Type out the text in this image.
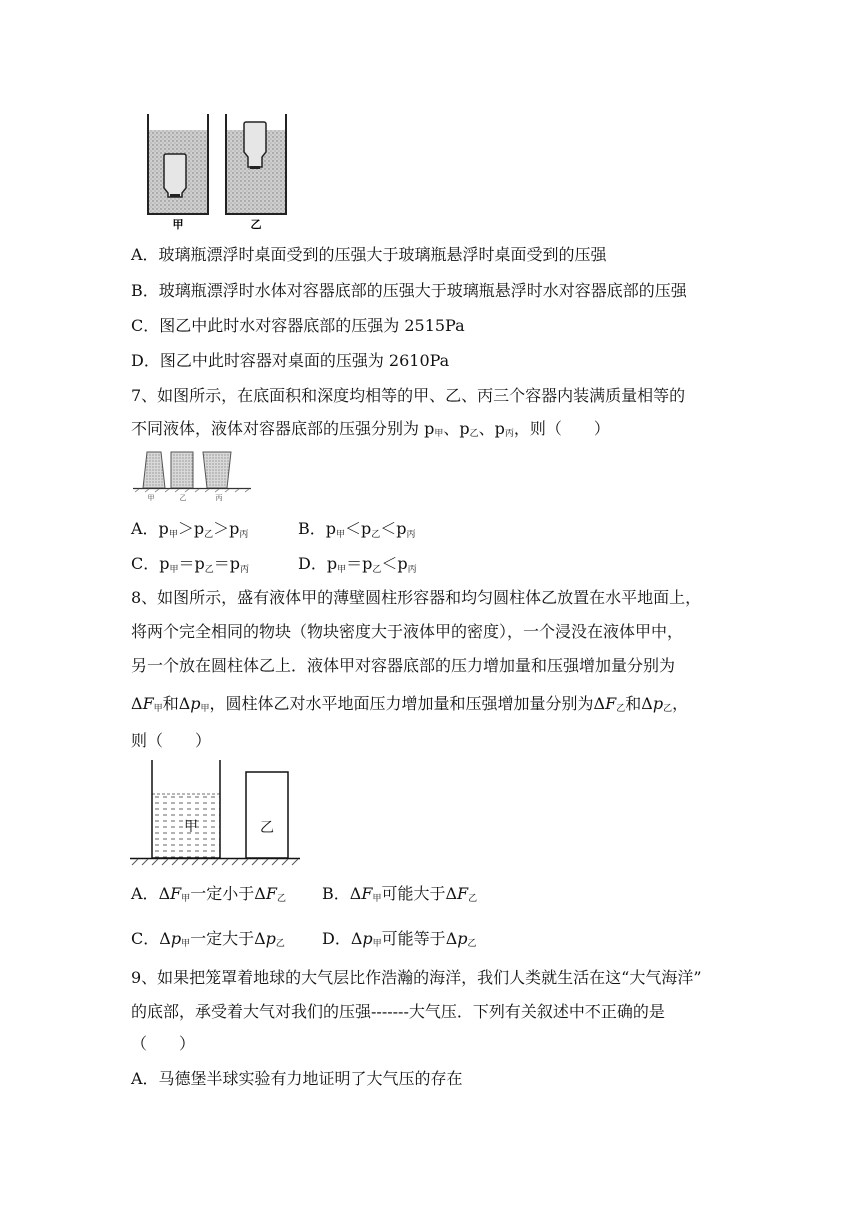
甲	乙
A．玻璃瓶漂浮时桌面受到的压强大于玻璃瓶悬浮时桌面受到的压强
B．玻璃瓶漂浮时水体对容器底部的压强大于玻璃瓶悬浮时水对容器底部的压强
C．图乙中此时水对容器底部的压强为 2515Pa
D．图乙中此时容器对桌面的压强为 2610Pa
7、如图所示，在底面积和深度均相等的甲、乙、丙三个容器内装满质量相等的
不同液体，液体对容器底部的压强分别为 $p_甲$、$p_乙$、$p_丙$，则（　　）
甲	乙	丙
A．p甲＞p乙＞p丙	B．p甲＜p乙＜p丙
C．p甲＝p乙＝p丙	D．p甲＝p乙＜p丙
8、如图所示，盛有液体甲的薄壁圆柱形容器和均匀圆柱体乙放置在水平地面上，
将两个完全相同的物块（物块密度大于液体甲的密度），一个浸没在液体甲中，
另一个放在圆柱体乙上．液体甲对容器底部的压力增加量和压强增加量分别为
$\Delta F_甲$和$\Delta p_甲$，圆柱体乙对水平地面压力增加量和压强增加量分别为$\Delta F_乙$和$\Delta p_乙$，
则（　　）
甲	乙
A．$\Delta F_甲$一定小于$\Delta F_乙$ B．$\Delta F_甲$可能大于$\Delta F_乙$
C．$\Delta p_甲$一定大于$\Delta p_乙$ D．$\Delta p_甲$可能等于$\Delta p_乙$
9、如果把笼罩着地球的大气层比作浩瀚的海洋，我们人类就生活在这“大气海洋”
的底部，承受着大气对我们的压强-------大气压．下列有关叙述中不正确的是
（　　）
A．马德堡半球实验有力地证明了大气压的存在
